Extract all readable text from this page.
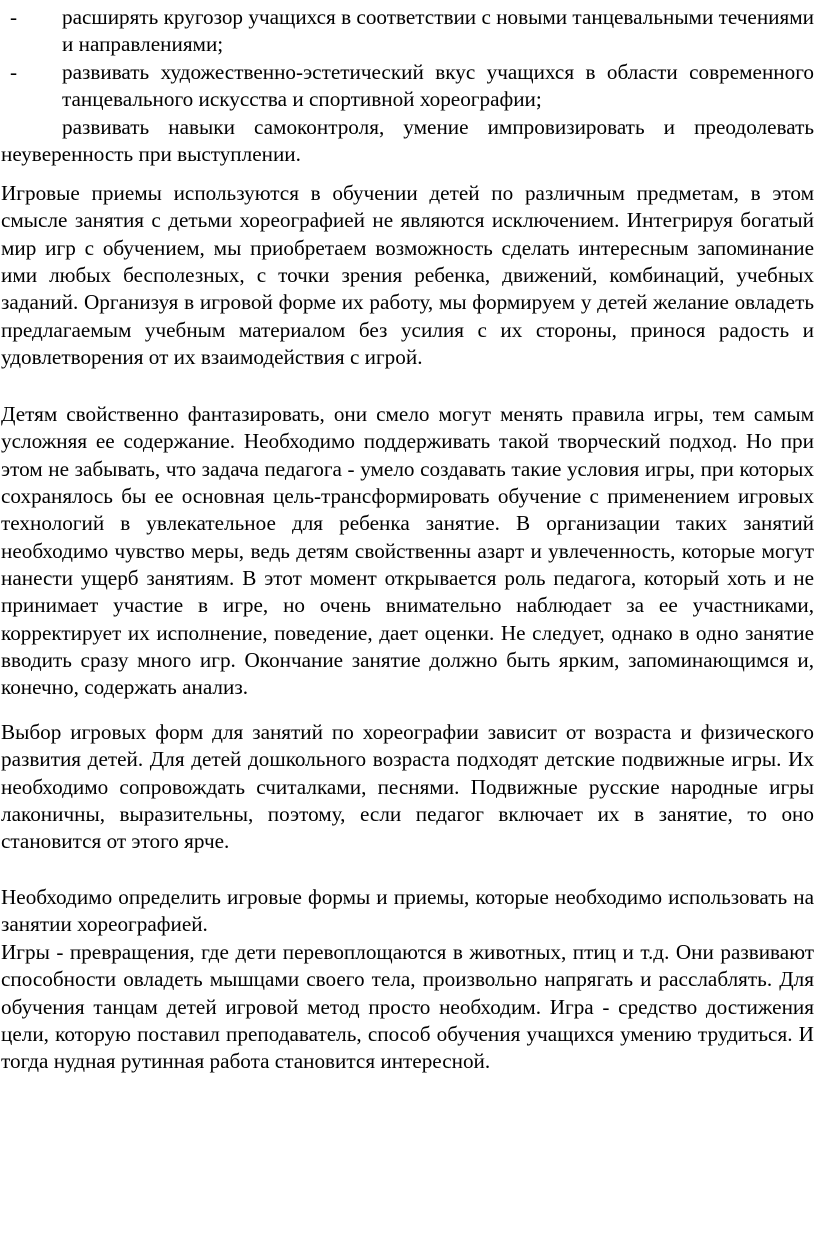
- расширять кругозор учащихся в соответствии с новыми танцевальными течениями и направлениями;

- развивать художественно-эстетический вкус учащихся в области современного танцевального искусства и спортивной хореографии;

развивать навыки самоконтроля, умение импровизировать и преодолевать неуверенность при выступлении.

Игровые приемы используются в обучении детей по различным предметам, в этом смысле занятия с детьми хореографией не являются исключением. Интегрируя богатый мир игр с обучением, мы приобретаем возможность сделать интересным запоминание ими любых бесполезных, с точки зрения ребенка, движений, комбинаций, учебных заданий. Организуя в игровой форме их работу, мы формируем у детей желание овладеть предлагаемым учебным материалом без усилия с их стороны, принося радость и удовлетворения от их взаимодействия с игрой.

Детям свойственно фантазировать, они смело могут менять правила игры, тем самым усложняя ее содержание. Необходимо поддерживать такой творческий подход. Но при этом не забывать, что задача педагога - умело создавать такие условия игры, при которых сохранялось бы ее основная цель-трансформировать обучение с применением игровых технологий в увлекательное для ребенка занятие. В организации таких занятий необходимо чувство меры, ведь детям свойственны азарт и увлеченность, которые могут нанести ущерб занятиям. В этот момент открывается роль педагога, который хоть и не принимает участие в игре, но очень внимательно наблюдает за ее участниками, корректирует их исполнение, поведение, дает оценки. Не следует, однако в одно занятие вводить сразу много игр. Окончание занятие должно быть ярким, запоминающимся и, конечно, содержать анализ.

Выбор игровых форм для занятий по хореографии зависит от возраста и физического развития детей. Для детей дошкольного возраста подходят детские подвижные игры. Их необходимо сопровождать считалками, песнями. Подвижные русские народные игры лаконичны, выразительны, поэтому, если педагог включает их в занятие, то оно становится от этого ярче.

Необходимо определить игровые формы и приемы, которые необходимо использовать на занятии хореографией.

Игры - превращения, где дети перевоплощаются в животных, птиц и т.д. Они развивают способности овладеть мышцами своего тела, произвольно напрягать и расслаблять. Для обучения танцам детей игровой метод просто необходим. Игра - средство достижения цели, которую поставил преподаватель, способ обучения учащихся умению трудиться. И тогда нудная рутинная работа становится интересной.
